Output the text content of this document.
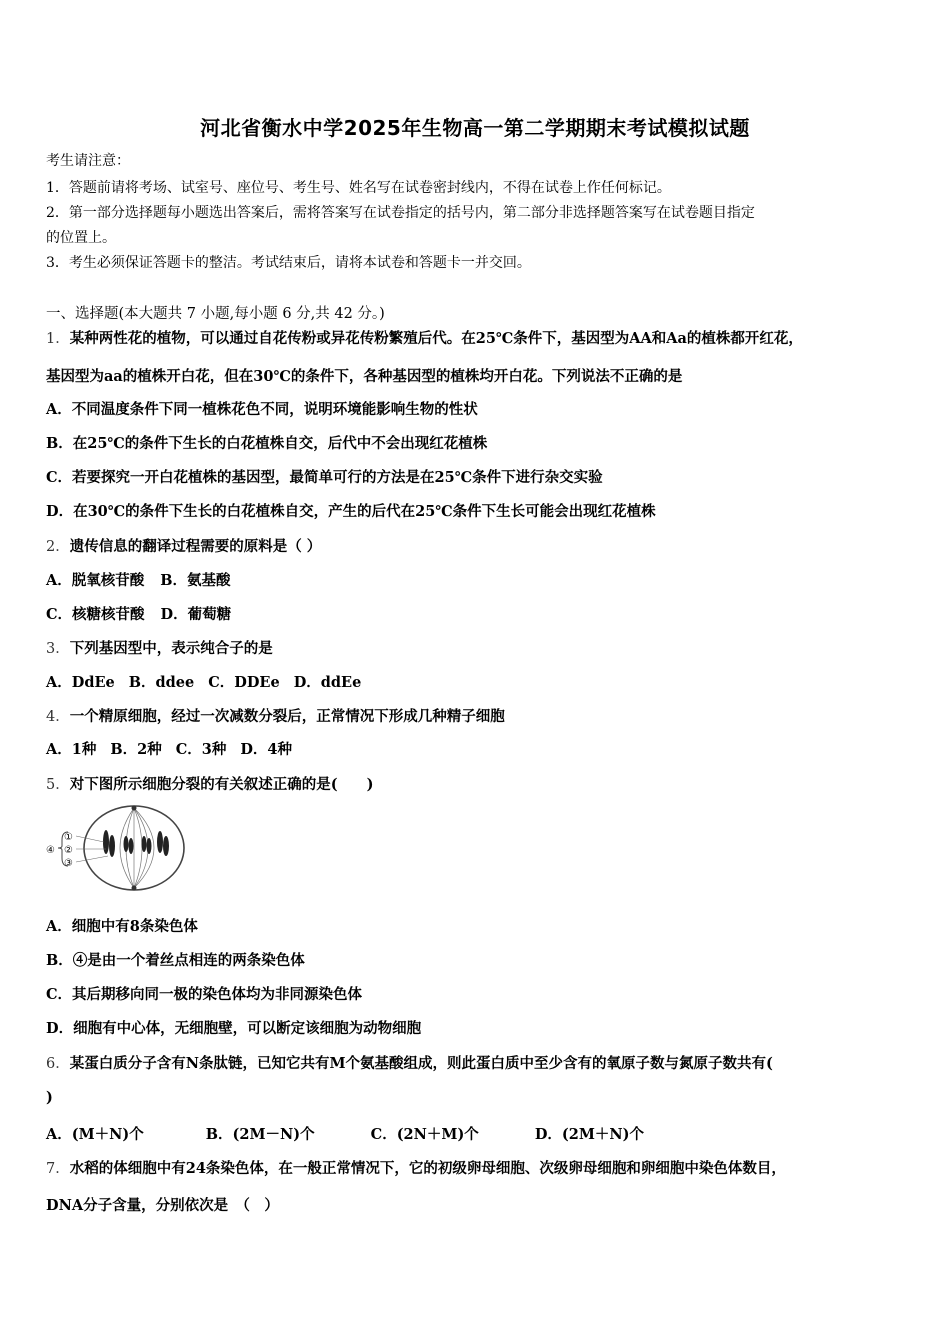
河北省衡水中学2025年生物高一第二学期期末考试模拟试题
考生请注意：
1．答题前请将考场、试室号、座位号、考生号、姓名写在试卷密封线内，不得在试卷上作任何标记。
2．第一部分选择题每小题选出答案后，需将答案写在试卷指定的括号内，第二部分非选择题答案写在试卷题目指定
的位置上。
3．考生必须保证答题卡的整洁。考试结束后，请将本试卷和答题卡一并交回。
一、选择题(本大题共 7 小题,每小题 6 分,共 42 分。)
1．某种两性花的植物，可以通过自花传粉或异花传粉繁殖后代。在25℃条件下，基因型为AA和Aa的植株都开红花，
基因型为aa的植株开白花，但在30℃的条件下，各种基因型的植株均开白花。下列说法不正确的是
A．不同温度条件下同一植株花色不同，说明环境能影响生物的性状
B．在25℃的条件下生长的白花植株自交，后代中不会出现红花植株
C．若要探究一开白花植株的基因型，最简单可行的方法是在25℃条件下进行杂交实验
D．在30℃的条件下生长的白花植株自交，产生的后代在25℃条件下生长可能会出现红花植株
2．遗传信息的翻译过程需要的原料是（ ）
A．脱氧核苷酸 B．氨基酸
C．核糖核苷酸 D．葡萄糖
3．下列基因型中，表示纯合子的是
A．DdEe B．ddee C．DDEe D．ddEe
4．一个精原细胞，经过一次减数分裂后，正常情况下形成几种精子细胞
A．1种 B．2种 C．3种 D．4种
5．对下图所示细胞分裂的有关叙述正确的是(　　)
①
②
③
④
A．细胞中有8条染色体
B．④是由一个着丝点相连的两条染色体
C．其后期移向同一极的染色体均为非同源染色体
D．细胞有中心体，无细胞壁，可以断定该细胞为动物细胞
6．某蛋白质分子含有N条肽链，已知它共有M个氨基酸组成，则此蛋白质中至少含有的氧原子数与氮原子数共有(
)
A．(M＋N)个	B．(2M－N)个	C．(2N＋M)个	D．(2M＋N)个
7．水稻的体细胞中有24条染色体，在一般正常情况下，它的初级卵母细胞、次级卵母细胞和卵细胞中染色体数目，
DNA分子含量，分别依次是　（　）
